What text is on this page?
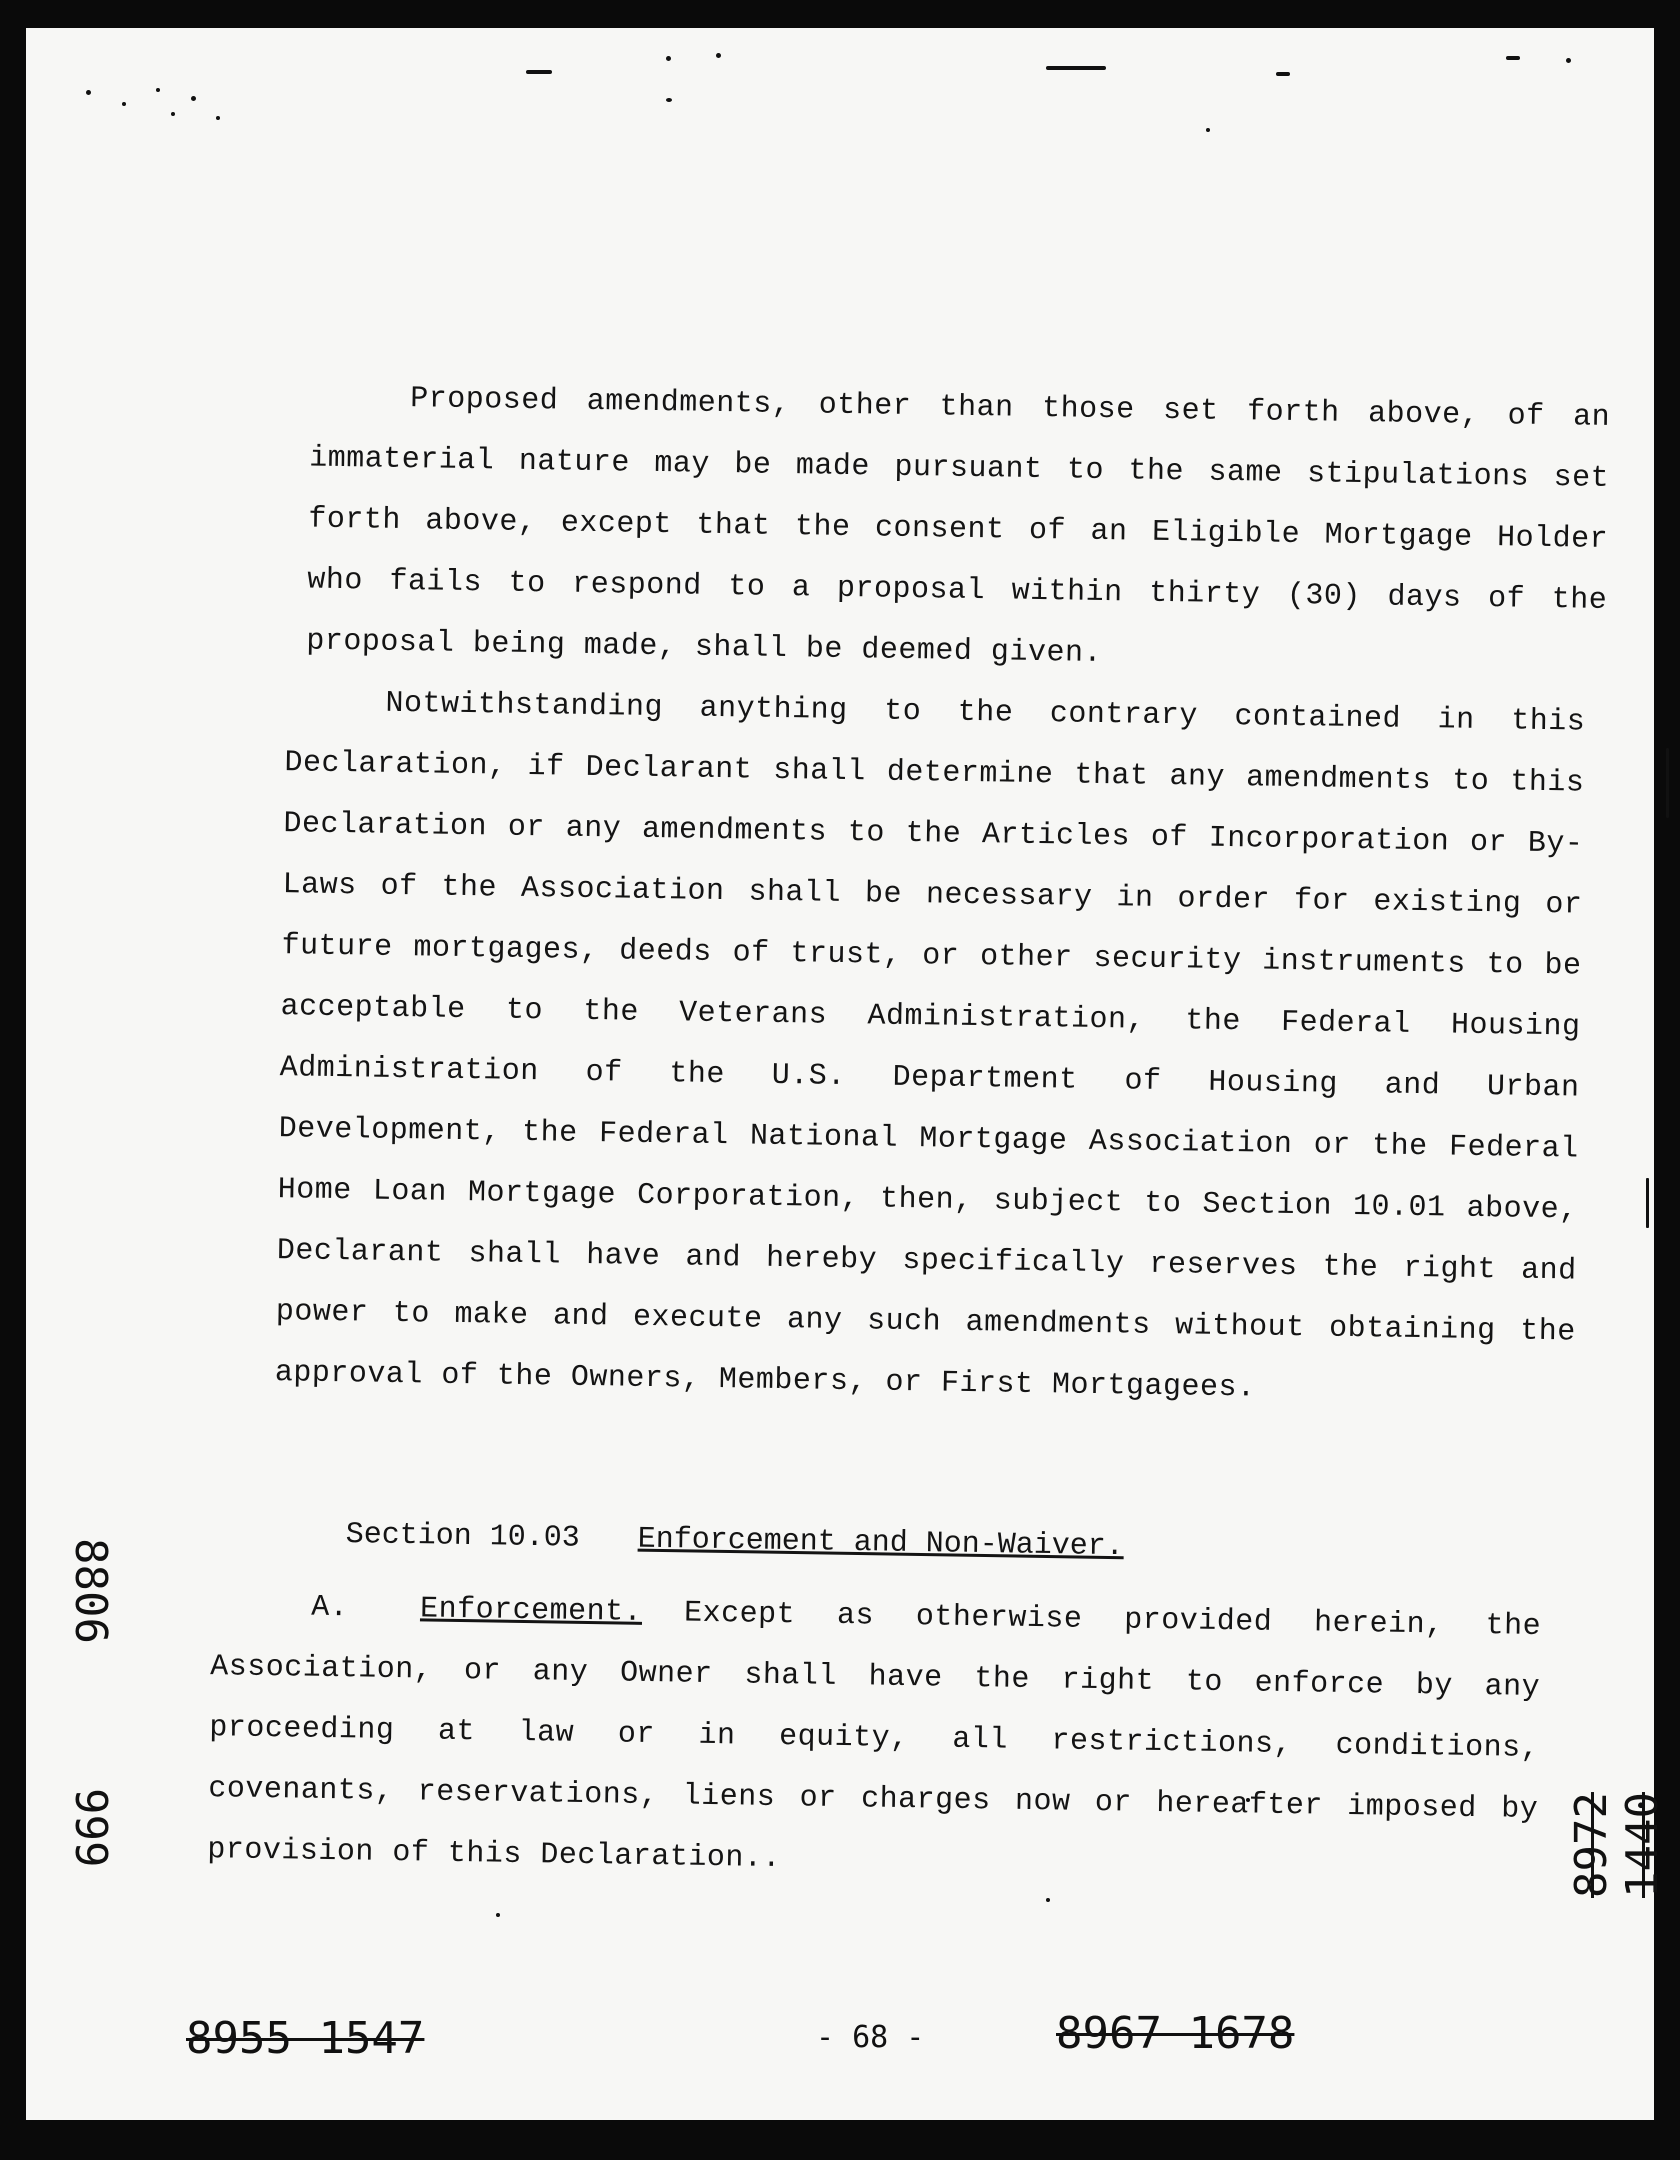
Proposed amendments, other than those set forth above, of an immaterial nature may be made pursuant to the same stipulations set forth above, except that the consent of an Eligible Mortgage Holder who fails to respond to a proposal within thirty (30) days of the proposal being made, shall be deemed given.

Notwithstanding anything to the contrary contained in this Declaration, if Declarant shall determine that any amendments to this Declaration or any amendments to the Articles of Incorporation or By-Laws of the Association shall be necessary in order for existing or future mortgages, deeds of trust, or other security instruments to be acceptable to the Veterans Administration, the Federal Housing Administration of the U.S. Department of Housing and Urban Development, the Federal National Mortgage Association or the Federal Home Loan Mortgage Corporation, then, subject to Section 10.01 above, Declarant shall have and hereby specifically reserves the right and power to make and execute any such amendments without obtaining the approval of the Owners, Members, or First Mortgagees.

Section 10.03 Enforcement and Non-Waiver.

A. Enforcement. Except as otherwise provided herein, the Association, or any Owner shall have the right to enforce by any proceeding at law or in equity, all restrictions, conditions, covenants, reservations, liens or charges now or hereafter imposed by provision of this Declaration..

8806
999	8972 1440
8955 1547	- 68 -	8967 1678
